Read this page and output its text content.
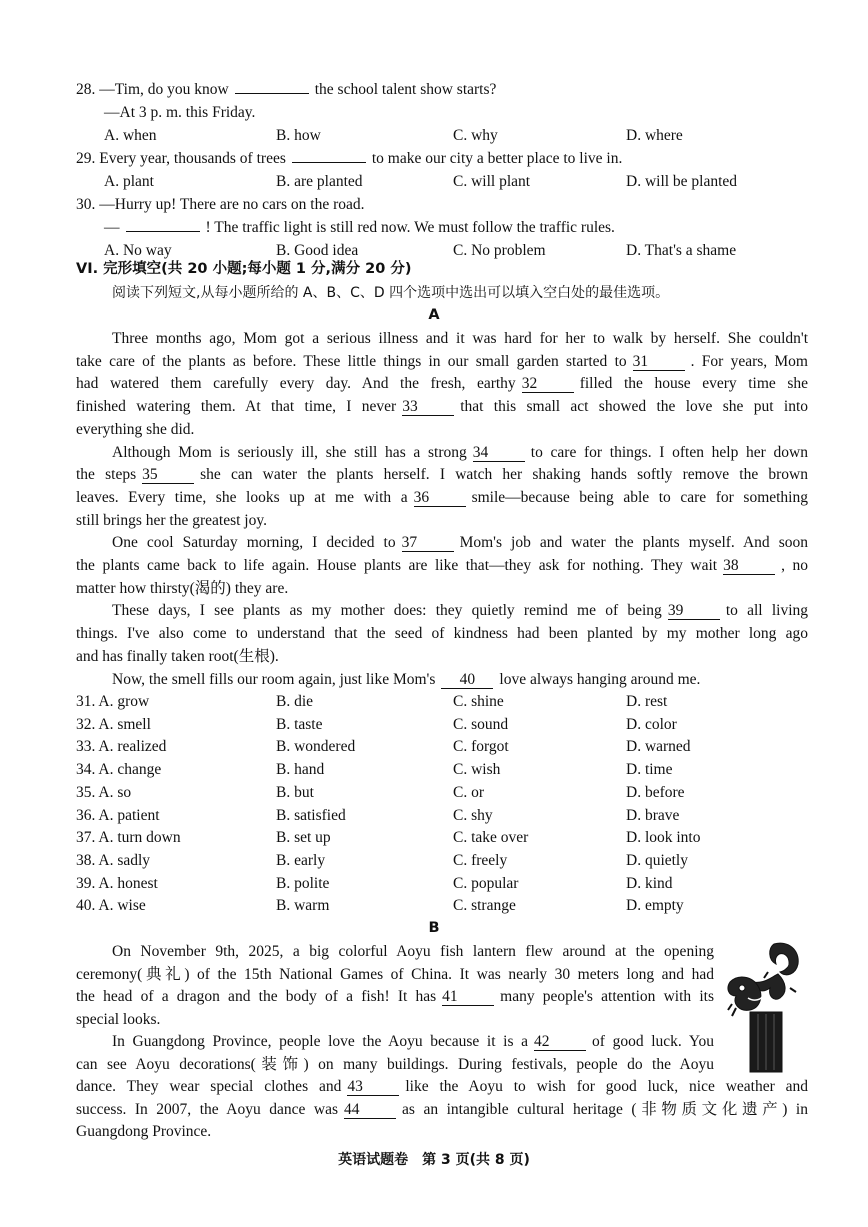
28. —Tim, do you know	the school talent show starts?
—At 3 p. m. this Friday.
A. when	B. how	C. why	D. where
29. Every year, thousands of trees	to make our city a better place to live in.
A. plant	B. are planted	C. will plant	D. will be planted
30. —Hurry up! There are no cars on the road.
—	! The traffic light is still red now. We must follow the traffic rules.
A. No way	B. Good idea	C. No problem	D. That's a shame
VI. 完形填空(共 20 小题;每小题 1 分,满分 20 分)
阅读下列短文,从每小题所给的 A、B、C、D 四个选项中选出可以填入空白处的最佳选项。
A
Three months ago, Mom got a serious illness and it was hard for her to walk by herself. She couldn't
take care of the plants as before. These little things in our small garden started to 31	. For years, Mom
had watered them carefully every day. And the fresh, earthy 32	filled the house every time she
finished watering them. At that time, I never 33	that this small act showed the love she put into
everything she did.
Although Mom is seriously ill, she still has a strong 34	to care for things. I often help her down
the steps 35	she can water the plants herself. I watch her shaking hands softly remove the brown
leaves. Every time, she looks up at me with a 36	smile—because being able to care for something
still brings her the greatest joy.
One cool Saturday morning, I decided to 37	Mom's job and water the plants myself. And soon
the plants came back to life again. House plants are like that—they ask for nothing. They wait 38	, no
matter how thirsty(渴的) they are.
These days, I see plants as my mother does: they quietly remind me of being 39	to all living
things. I've also come to understand that the seed of kindness had been planted by my mother long ago
and has finally taken root(生根).
Now, the smell fills our room again, just like Mom's 40 love always hanging around me.
31. A. grow	B. die	C. shine	D. rest
32. A. smell	B. taste	C. sound	D. color
33. A. realized	B. wondered	C. forgot	D. warned
34. A. change	B. hand	C. wish	D. time
35. A. so	B. but	C. or	D. before
36. A. patient	B. satisfied	C. shy	D. brave
37. A. turn down	B. set up	C. take over	D. look into
38. A. sadly	B. early	C. freely	D. quietly
39. A. honest	B. polite	C. popular	D. kind
40. A. wise	B. warm	C. strange	D. empty
B
On November 9th, 2025, a big colorful Aoyu fish lantern flew around at the opening
ceremony(典礼) of the 15th National Games of China. It was nearly 30 meters long and had
the head of a dragon and the body of a fish! It has 41	many people's attention with its
special looks.
In Guangdong Province, people love the Aoyu because it is a 42	of good luck. You
can see Aoyu decorations(装饰) on many buildings. During festivals, people do the Aoyu
dance. They wear special clothes and 43	like the Aoyu to wish for good luck, nice weather and
success. In 2007, the Aoyu dance was 44	as an intangible cultural heritage (非物质文化遗产) in
Guangdong Province.
英语试题卷　第 3 页(共 8 页)
